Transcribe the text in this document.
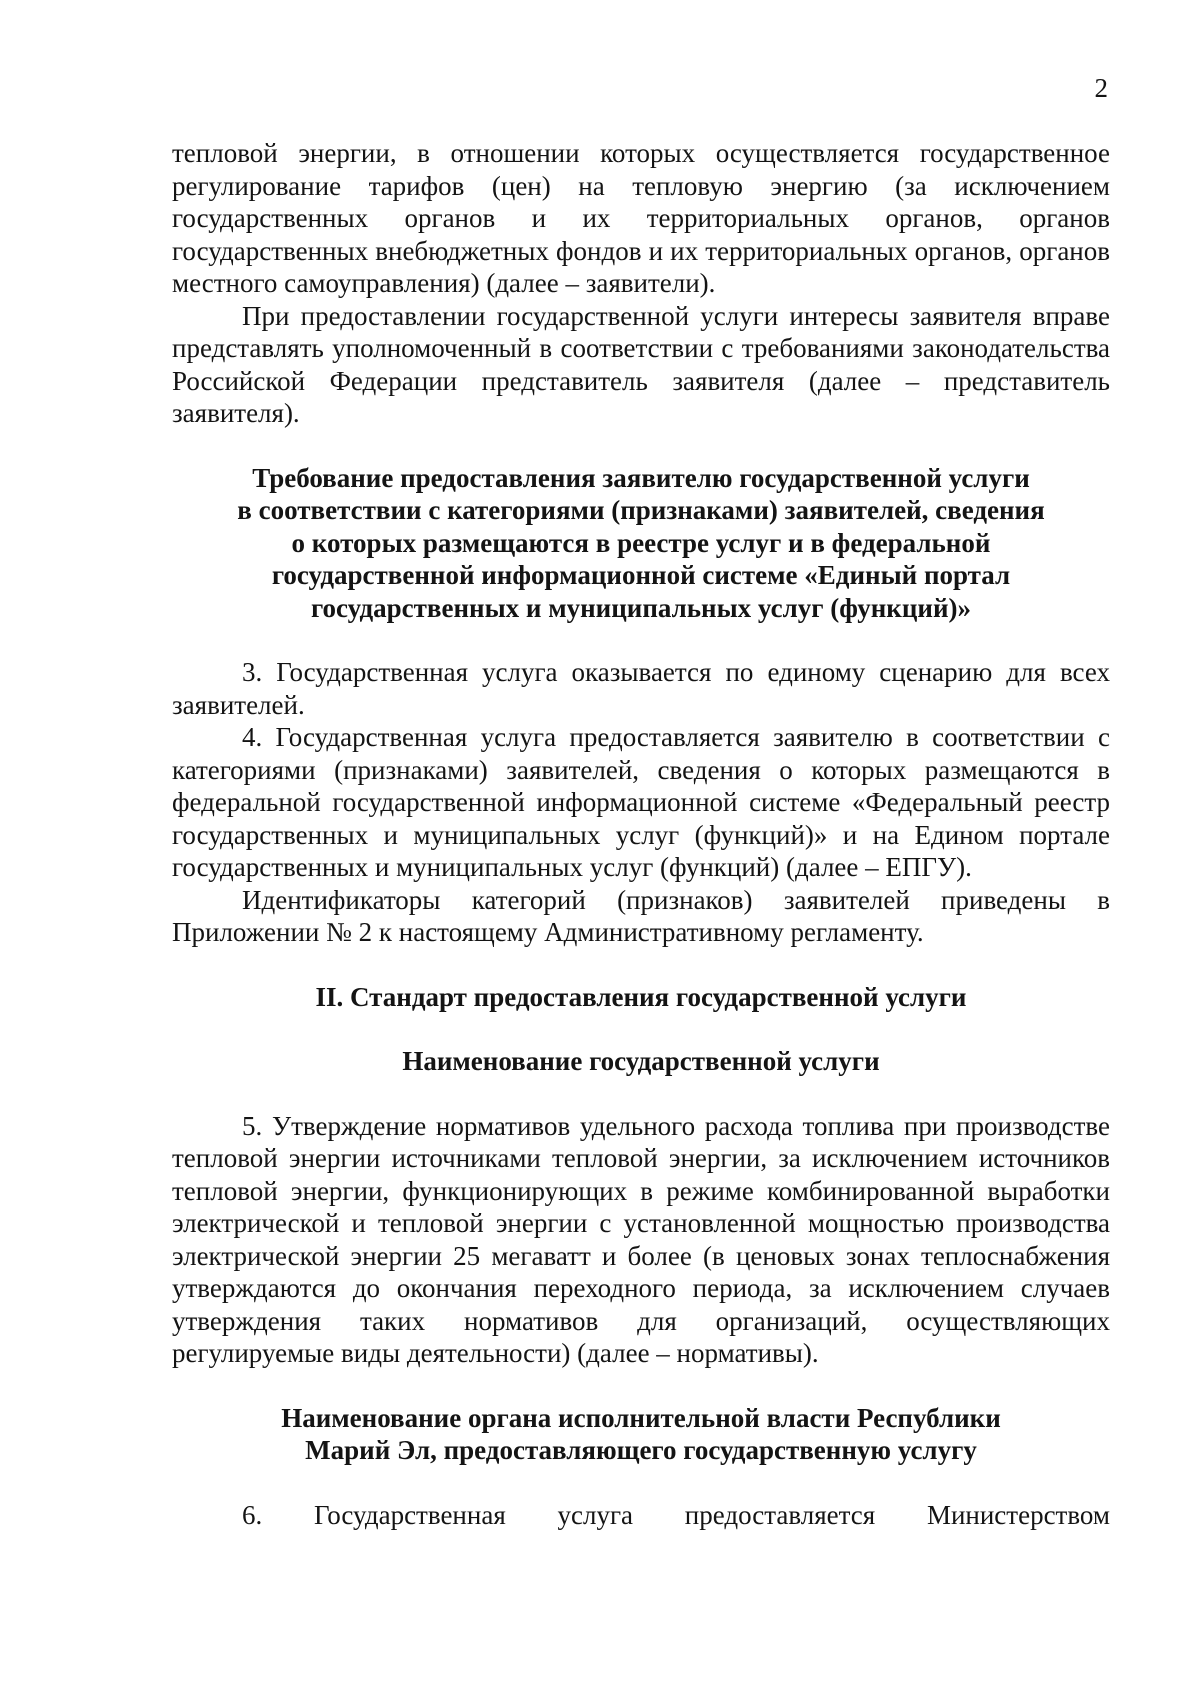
2

тепловой энергии, в отношении которых осуществляется государственное регулирование тарифов (цен) на тепловую энергию (за исключением государственных органов и их территориальных органов, органов государственных внебюджетных фондов и их территориальных органов, органов местного самоуправления) (далее – заявители).

При предоставлении государственной услуги интересы заявителя вправе представлять уполномоченный в соответствии с требованиями законодательства Российской Федерации представитель заявителя (далее – представитель заявителя).

Требование предоставления заявителю государственной услуги
в соответствии с категориями (признаками) заявителей, сведения
о которых размещаются в реестре услуг и в федеральной
государственной информационной системе «Единый портал
государственных и муниципальных услуг (функций)»

3. Государственная услуга оказывается по единому сценарию для всех заявителей.

4. Государственная услуга предоставляется заявителю в соответствии с категориями (признаками) заявителей, сведения о которых размещаются в федеральной государственной информационной системе «Федеральный реестр государственных и муниципальных услуг (функций)» и на Едином портале государственных и муниципальных услуг (функций) (далее – ЕПГУ).

Идентификаторы категорий (признаков) заявителей приведены в Приложении № 2 к настоящему Административному регламенту.

II. Стандарт предоставления государственной услуги
Наименование государственной услуги

5. Утверждение нормативов удельного расхода топлива при производстве тепловой энергии источниками тепловой энергии, за исключением источников тепловой энергии, функционирующих в режиме комбинированной выработки электрической и тепловой энергии с установленной мощностью производства электрической энергии 25 мегаватт и более (в ценовых зонах теплоснабжения утверждаются до окончания переходного периода, за исключением случаев утверждения таких нормативов для организаций, осуществляющих регулируемые виды деятельности) (далее – нормативы).

Наименование органа исполнительной власти Республики
Марий Эл, предоставляющего государственную услугу

6. Государственная услуга предоставляется Министерством
